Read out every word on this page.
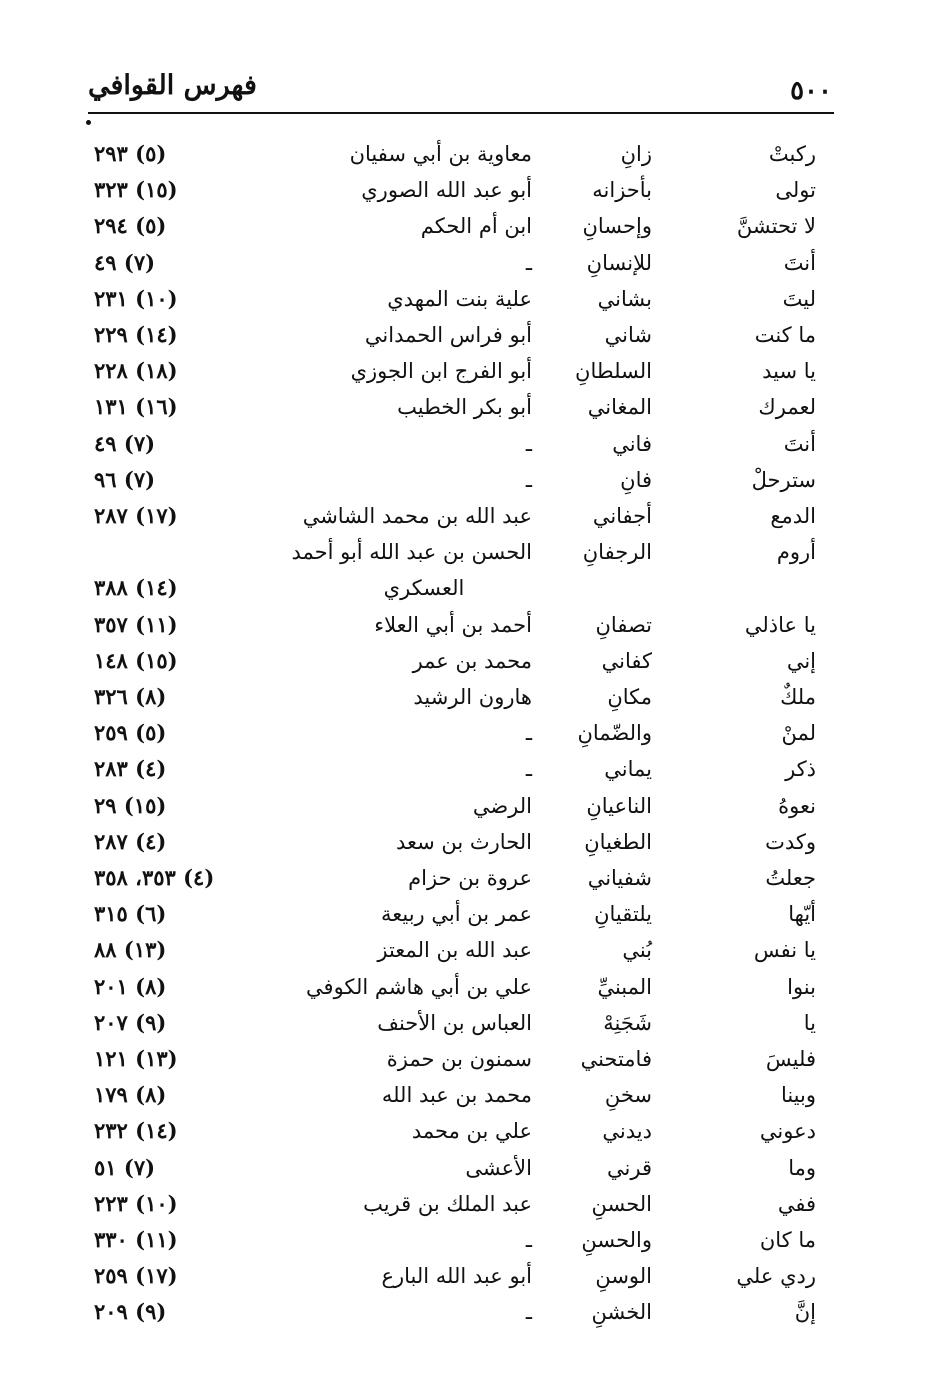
٥٠٠
فهرس القوافي
ركبتْ
زانِ
معاوية بن أبي سفيان
(٥) ٢٩٣
تولى
بأحزانه
أبو عبد الله الصوري
(١٥) ٣٢٣
لا تحتشنَّ
وإحسانِ
ابن أم الحكم
(٥) ٢٩٤
أنتَ
للإنسانِ
ـ
(٧) ٤٩
ليتَ
بشاني
علية بنت المهدي
(١٠) ٢٣١
ما كنت
شاني
أبو فراس الحمداني
(١٤) ٢٢٩
يا سيد
السلطانِ
أبو الفرج ابن الجوزي
(١٨) ٢٢٨
لعمرك
المغاني
أبو بكر الخطيب
(١٦) ١٣١
أنتَ
فاني
ـ
(٧) ٤٩
سترحلْ
فانِ
ـ
(٧) ٩٦
الدمع
أجفاني
عبد الله بن محمد الشاشي
(١٧) ٢٨٧
أروم
الرجفانِ
الحسن بن عبد الله أبو أحمد
العسكري
(١٤) ٣٨٨
يا عاذلي
تصفانِ
أحمد بن أبي العلاء
(١١) ٣٥٧
إني
كفاني
محمد بن عمر
(١٥) ١٤٨
ملكٌ
مكانِ
هارون الرشيد
(٨) ٣٢٦
لمنْ
والضّمانِ
ـ
(٥) ٢٥٩
ذكر
يماني
ـ
(٤) ٢٨٣
نعوهُ
الناعيانِ
الرضي
(١٥) ٢٩
وكدت
الطغيانِ
الحارث بن سعد
(٤) ٢٨٧
جعلتُ
شفياني
عروة بن حزام
(٤) ٣٥٣، ٣٥٨
أيّها
يلتقيانِ
عمر بن أبي ربيعة
(٦) ٣١٥
يا نفس
بُني
عبد الله بن المعتز
(١٣) ٨٨
بنوا
المبنيِّ
علي بن أبي هاشم الكوفي
(٨) ٢٠١
يا
شَجَنِهْ
العباس بن الأحنف
(٩) ٢٠٧
فليسَ
فامتحني
سمنون بن حمزة
(١٣) ١٢١
وبينا
سخنِ
محمد بن عبد الله
(٨) ١٧٩
دعوني
ديدني
علي بن محمد
(١٤) ٢٣٢
وما
قرني
الأعشى
(٧) ٥١
ففي
الحسنِ
عبد الملك بن قريب
(١٠) ٢٢٣
ما كان
والحسنِ
ـ
(١١) ٣٣٠
ردي علي
الوسنِ
أبو عبد الله البارع
(١٧) ٢٥٩
إنَّ
الخشنِ
ـ
(٩) ٢٠٩
